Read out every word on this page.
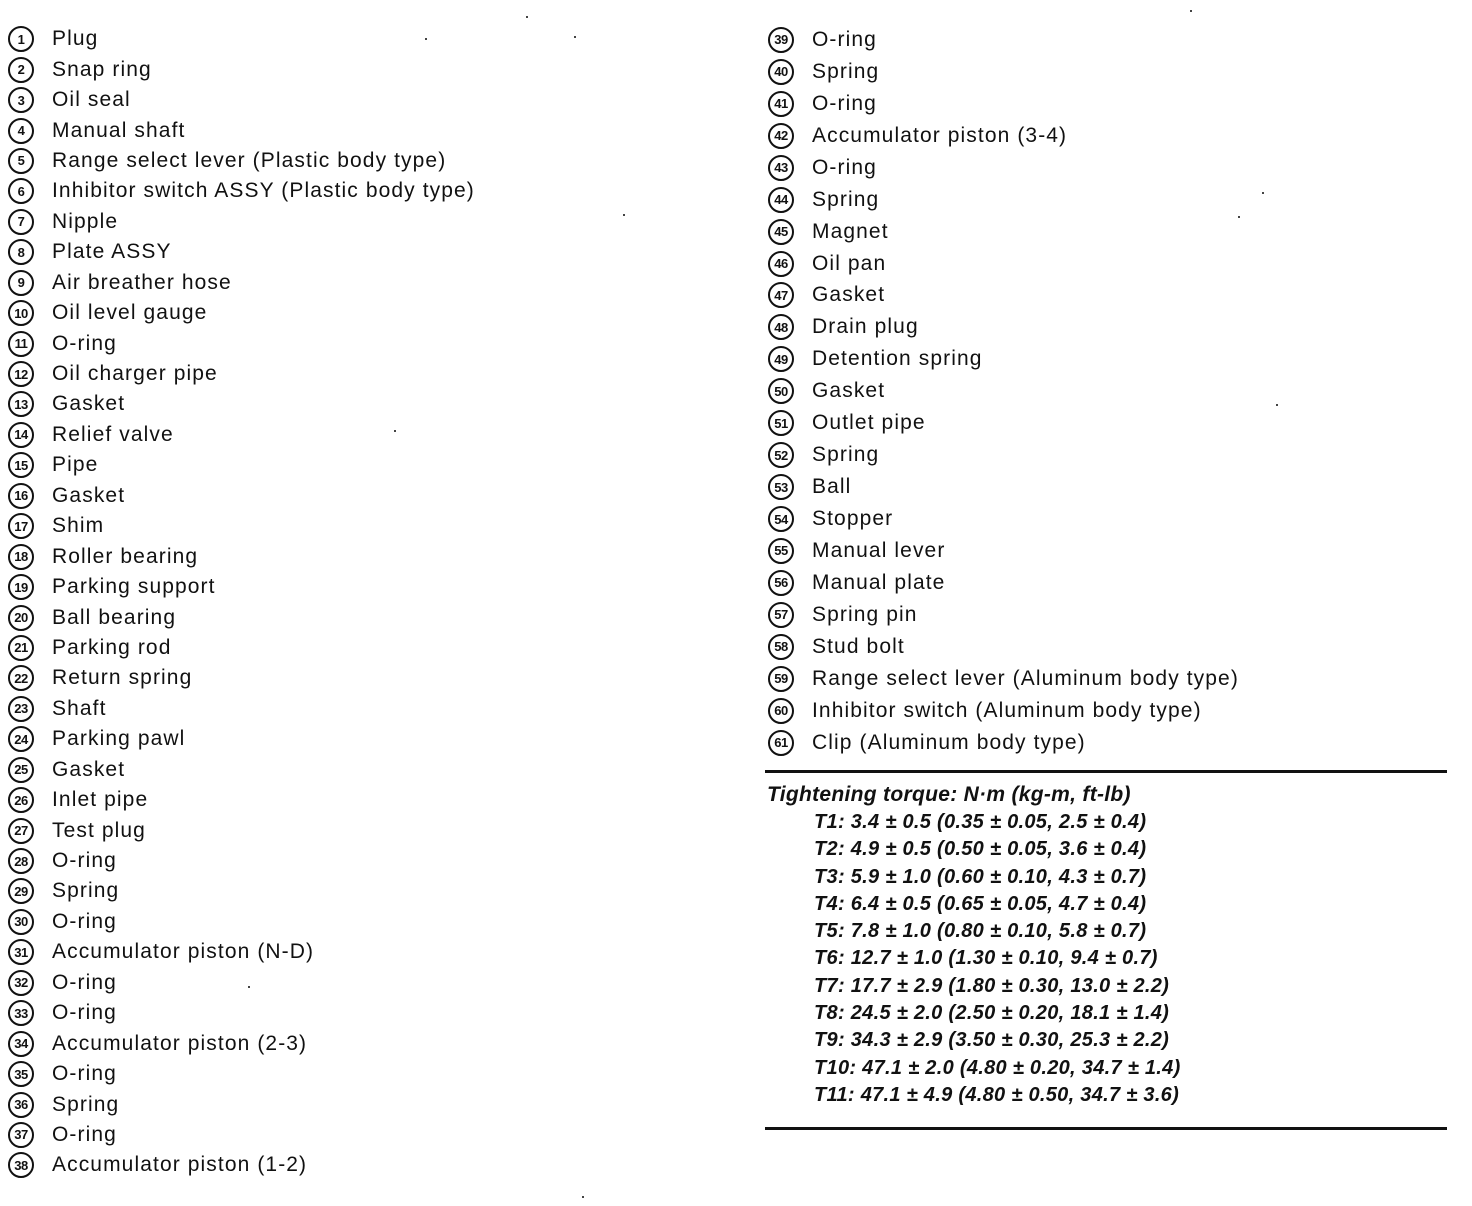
1	Plug
2	Snap ring
3	Oil seal
4	Manual shaft
5	Range select lever (Plastic body type)
6	Inhibitor switch ASSY (Plastic body type)
7	Nipple
8	Plate ASSY
9	Air breather hose
10 Oil level gauge
11	O-ring
12 Oil charger pipe
13 Gasket
14 Relief valve
15 Pipe
16 Gasket
17 Shim
18 Roller bearing
19 Parking support
20 Ball bearing
21 Parking rod
22 Return spring
23 Shaft
24 Parking pawl
25 Gasket
26 Inlet pipe
27 Test plug
28 O-ring
29 Spring
30 O-ring
31 Accumulator piston (N-D)
32 O-ring
33 O-ring
34 Accumulator piston (2-3)
35 O-ring
36 Spring
37 O-ring
38 Accumulator piston (1-2)
39 O-ring
40 Spring
41 O-ring
42 Accumulator piston (3-4)
43 O-ring
44 Spring
45 Magnet
46 Oil pan
47 Gasket
48 Drain plug
49 Detention spring
50 Gasket
51 Outlet pipe
52 Spring
53 Ball
54 Stopper
55 Manual lever
56 Manual plate
57 Spring pin
58 Stud bolt
59 Range select lever (Aluminum body type)
60 Inhibitor switch (Aluminum body type)
61 Clip (Aluminum body type)
Tightening torque: N·m (kg-m, ft-lb)
T1: 3.4 ± 0.5 (0.35 ± 0.05, 2.5 ± 0.4)
T2: 4.9 ± 0.5 (0.50 ± 0.05, 3.6 ± 0.4)
T3: 5.9 ± 1.0 (0.60 ± 0.10, 4.3 ± 0.7)
T4: 6.4 ± 0.5 (0.65 ± 0.05, 4.7 ± 0.4)
T5: 7.8 ± 1.0 (0.80 ± 0.10, 5.8 ± 0.7)
T6: 12.7 ± 1.0 (1.30 ± 0.10, 9.4 ± 0.7)
T7: 17.7 ± 2.9 (1.80 ± 0.30, 13.0 ± 2.2)
T8: 24.5 ± 2.0 (2.50 ± 0.20, 18.1 ± 1.4)
T9: 34.3 ± 2.9 (3.50 ± 0.30, 25.3 ± 2.2)
T10: 47.1 ± 2.0 (4.80 ± 0.20, 34.7 ± 1.4)
T11: 47.1 ± 4.9 (4.80 ± 0.50, 34.7 ± 3.6)
